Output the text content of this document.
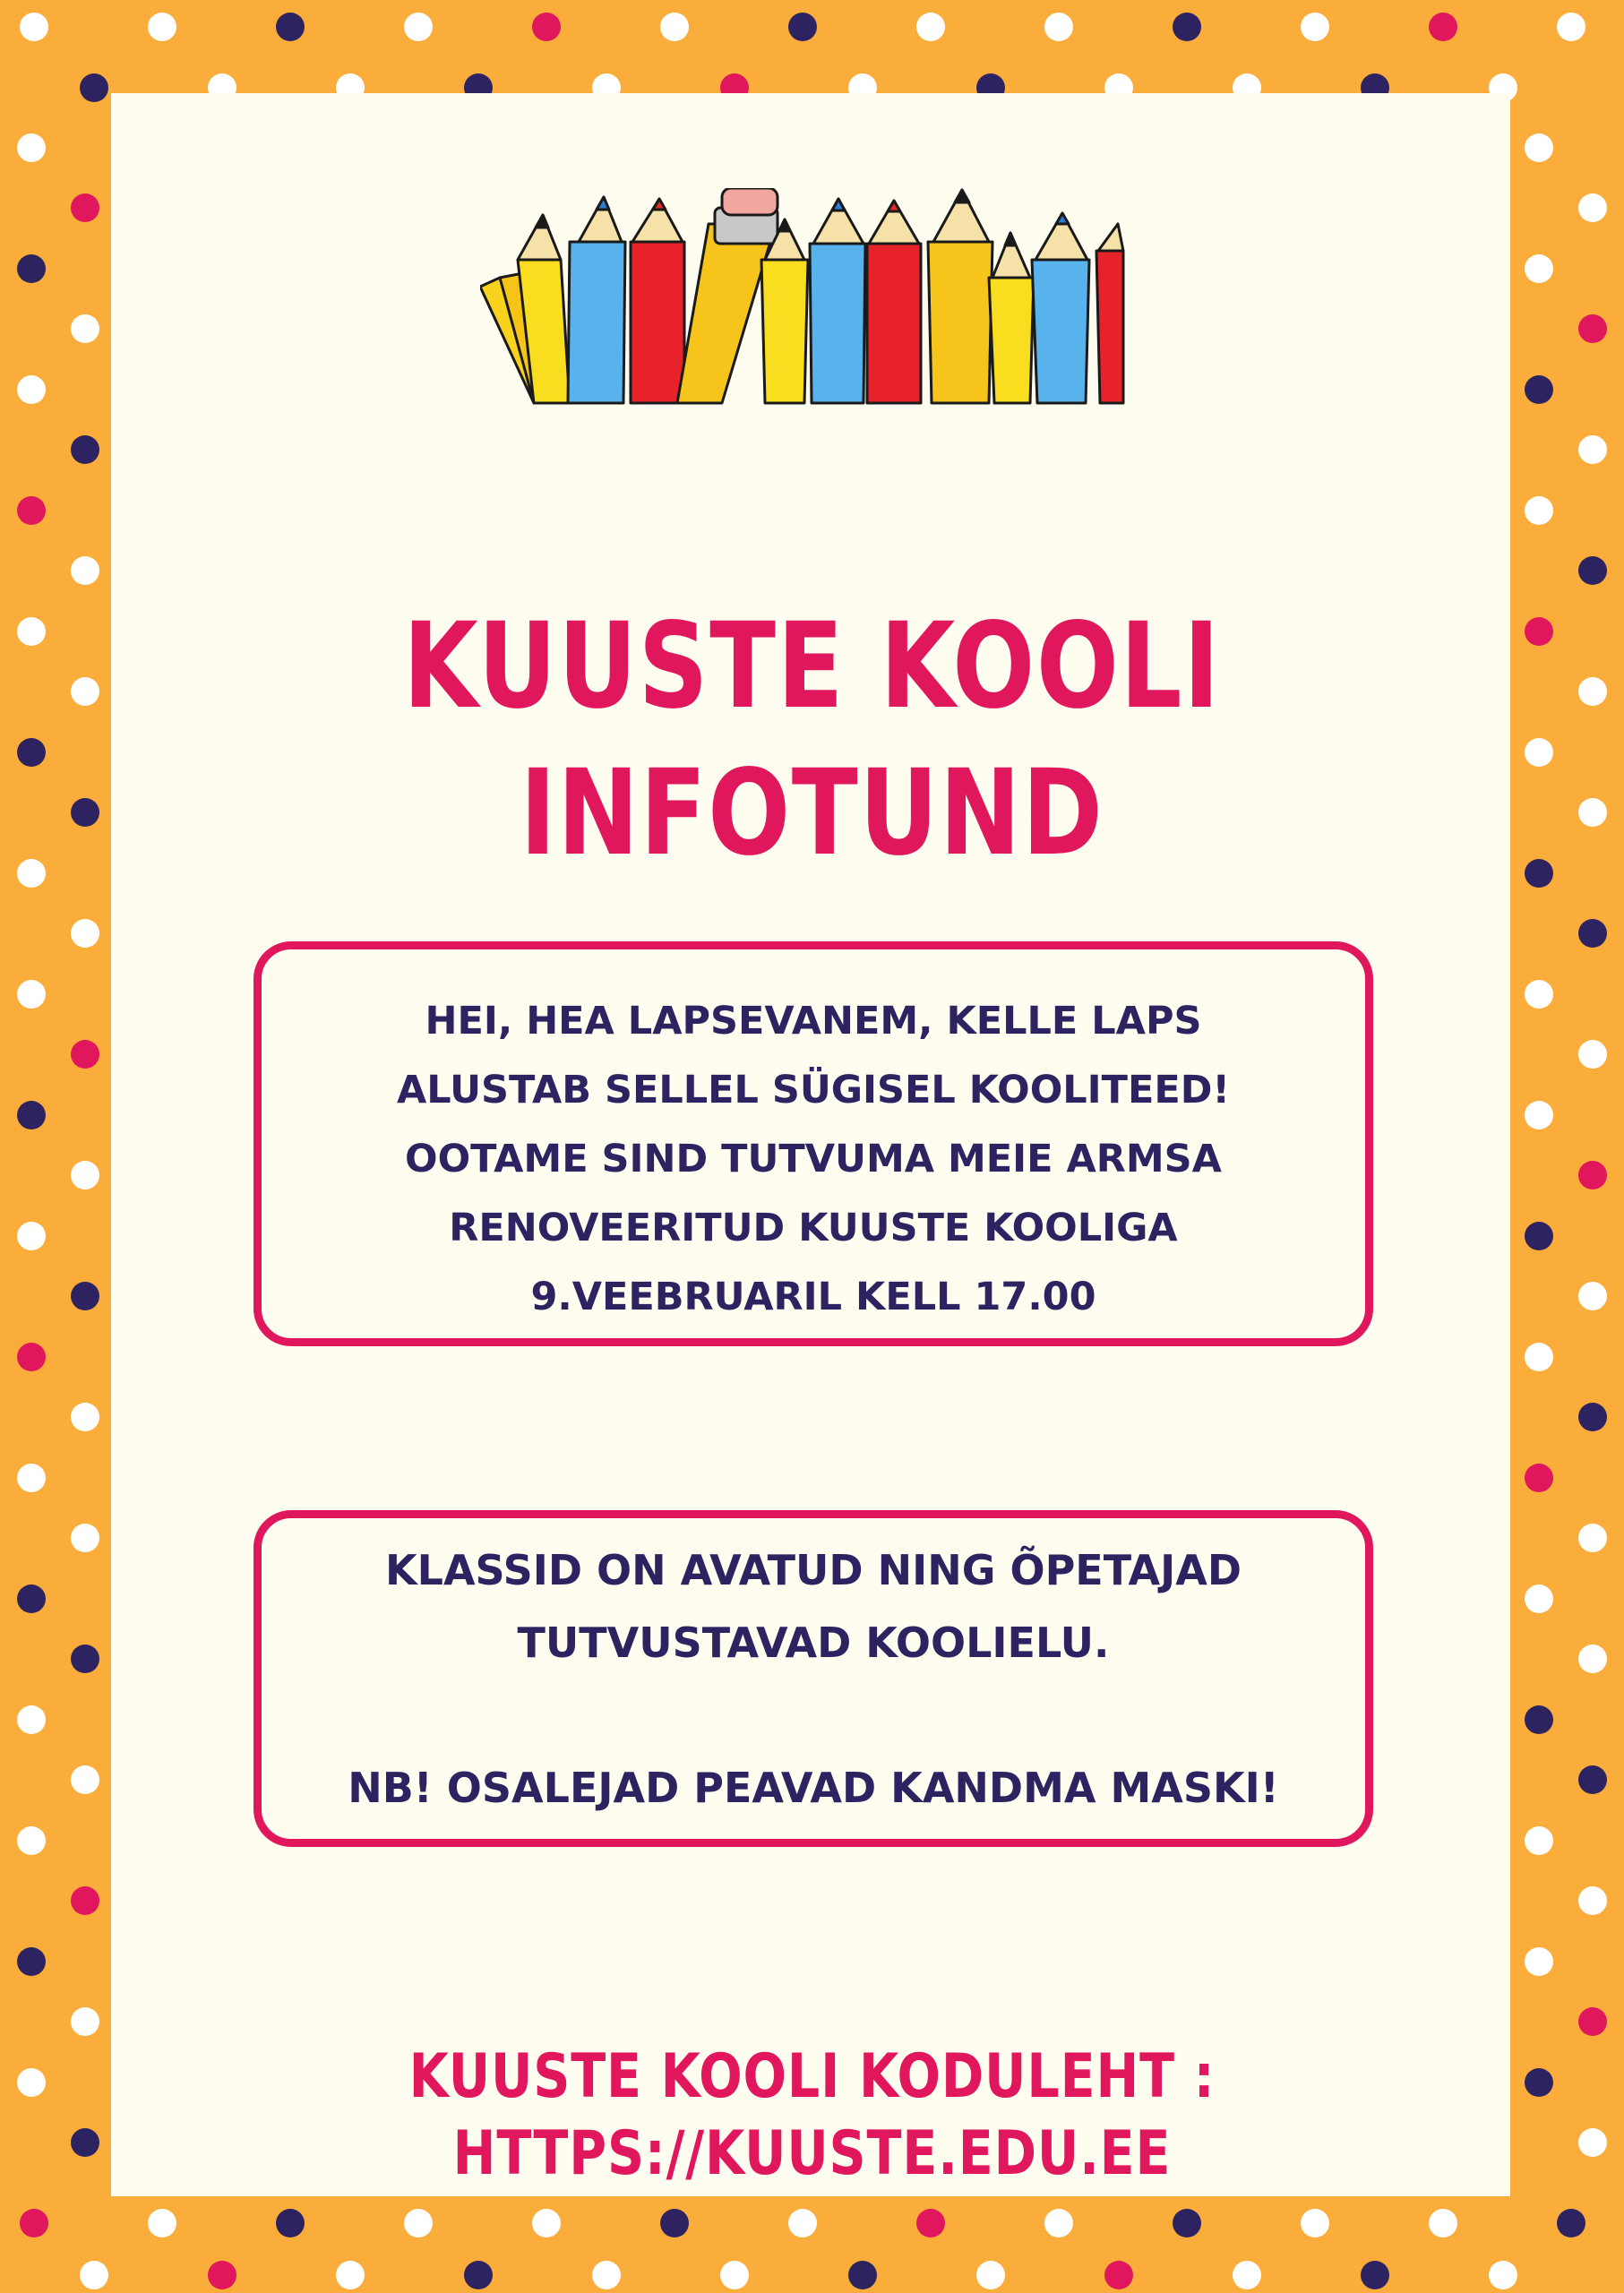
KUUSTE KOOLI
INFOTUND

HEI, HEA LAPSEVANEM, KELLE LAPS

ALUSTAB SELLEL SÜGISEL KOOLITEED!

OOTAME SIND TUTVUMA MEIE ARMSA

RENOVEERITUD KUUSTE KOOLIGA

9.VEEBRUARIL KELL 17.00

KLASSID ON AVATUD NING ÕPETAJAD

TUTVUSTAVAD KOOLIELU.

NB! OSALEJAD PEAVAD KANDMA MASKI!

KUUSTE KOOLI KODULEHT :
HTTPS://KUUSTE.EDU.EE
